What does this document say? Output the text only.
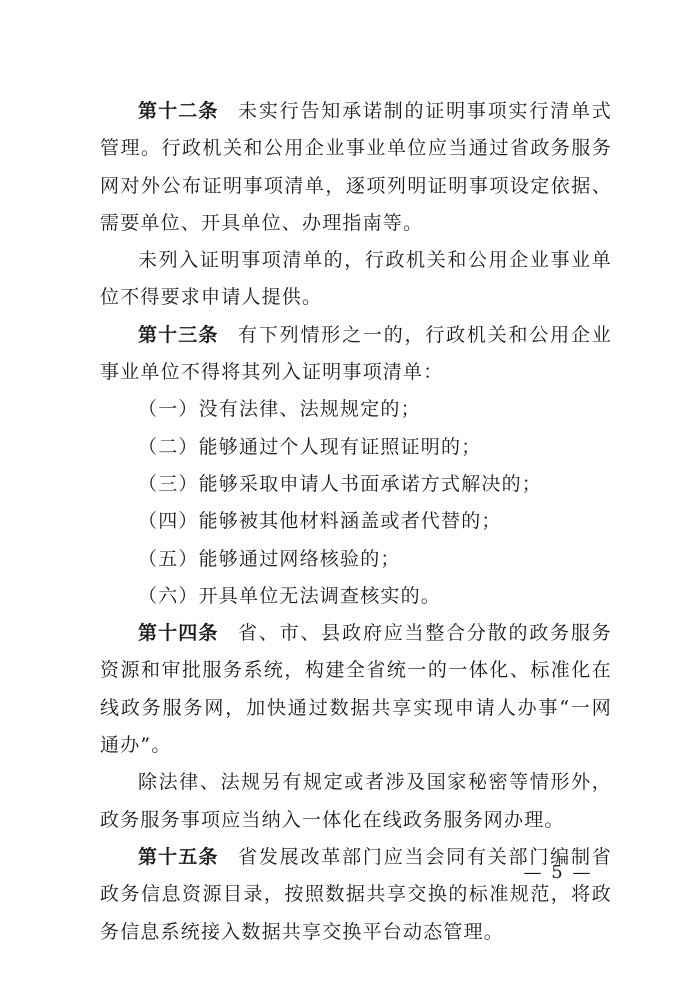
第十二条 未实行告知承诺制的证明事项实行清单式管理。行政机关和公用企业事业单位应当通过省政务服务网对外公布证明事项清单，逐项列明证明事项设定依据、需要单位、开具单位、办理指南等。

未列入证明事项清单的，行政机关和公用企业事业单位不得要求申请人提供。

第十三条 有下列情形之一的，行政机关和公用企业事业单位不得将其列入证明事项清单：

（一）没有法律、法规规定的；

（二）能够通过个人现有证照证明的；

（三）能够采取申请人书面承诺方式解决的；

（四）能够被其他材料涵盖或者代替的；

（五）能够通过网络核验的；

（六）开具单位无法调查核实的。

第十四条 省、市、县政府应当整合分散的政务服务资源和审批服务系统，构建全省统一的一体化、标准化在线政务服务网，加快通过数据共享实现申请人办事“一网通办”。

除法律、法规另有规定或者涉及国家秘密等情形外，政务服务事项应当纳入一体化在线政务服务网办理。

第十五条 省发展改革部门应当会同有关部门编制省政务信息资源目录，按照数据共享交换的标准规范，将政务信息系统接入数据共享交换平台动态管理。

— 5 —
